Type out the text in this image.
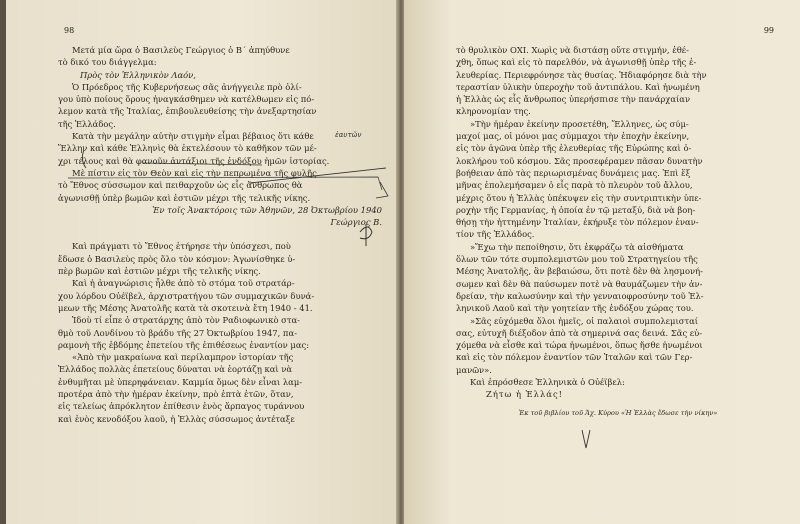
98

Μετά μία ὥρα ὁ Βασιλεὺς Γεώργιος ὁ Β΄ ἀπηύθυνε

τὸ δικό του διάγγελμα:

Πρὸς τὸν Ἑλληνικὸν Λαόν,

Ὁ Πρόεδρος τῆς Κυβερνήσεως σᾶς ἀνήγγειλε πρὸ ὀλί-

γου ὑπὸ ποίους ὅρους ἠναγκάσθημεν νὰ κατέλθωμεν εἰς πό-

λεμον κατὰ τῆς Ἰταλίας, ἐπιβουλευθείσης τὴν ἀνεξαρτησίαν

τῆς Ἑλλάδος.

Κατὰ τὴν μεγάλην αὐτὴν στιγμὴν εἶμαι βέβαιος ὅτι κάθε

Ἕλλην καὶ κάθε Ἑλληνὶς θὰ ἐκτελέσουν τὸ καθῆκον τῶν μέ-

χρι τέλους καὶ θὰ φανοῦν ἀντάξιοι τῆς ἐνδόξου ἡμῶν ἱστορίας.

Μὲ πίστιν εἰς τὸν Θεὸν καὶ εἰς τὴν πεπρωμένα τῆς φυλῆς

τὸ Ἔθνος σύσσωμον καὶ πειθαρχοῦν ὡς εἷς ἄνθρωπος θὰ

ἀγωνισθῇ ὑπὲρ βωμῶν καὶ ἑστιῶν μέχρι τῆς τελικῆς νίκης.

Ἐν τοῖς Ἀνακτόροις τῶν Ἀθηνῶν, 28 Ὀκτωβρίου 1940

Γεώργιος Β.

Καὶ πράγματι τὸ Ἔθνος ἐτήρησε τὴν ὑπόσχεσι, ποὺ

ἔδωσε ὁ Βασιλεὺς πρὸς ὅλο τὸν κόσμον: Ἀγωνίσθηκε ὑ-

πὲρ βωμῶν καὶ ἑστιῶν μέχρι τῆς τελικῆς νίκης.

Καὶ ἡ ἀναγνώρισις ἦλθε ἀπὸ τὸ στόμα τοῦ στρατάρ-

χου λόρδου Οὐέϊβελ, ἀρχιστρατήγου τῶν συμμαχικῶν δυνά-

μεων τῆς Μέσης Ἀνατολῆς κατὰ τὰ σκοτεινὰ ἔτη 1940 - 41.

Ἰδοὺ τί εἶπε ὁ στρατάρχης ἀπὸ τὸν Ραδιοφωνικὸ στα-

θμὸ τοῦ Λονδίνου τὸ βράδυ τῆς 27 Ὀκτωβρίου 1947, πα-

ραμονὴ τῆς ἑβδόμης ἐπετείου τῆς ἐπιθέσεως ἐναντίον μας:

«Ἀπὸ τὴν μακραίωνα καὶ περίλαμπρον ἱστορίαν τῆς

Ἑλλάδος πολλὰς ἐπετείους δύναται νὰ ἑορτάζῃ καὶ νὰ

ἐνθυμῆται μὲ ὑπερηφάνειαν. Καμμία ὅμως δὲν εἶναι λαμ-

προτέρα ἀπὸ τὴν ἡμέραν ἐκείνην, πρὸ ἑπτὰ ἐτῶν, ὅταν,

εἰς τελείως ἀπρόκλητον ἐπίθεσιν ἑνὸς ἅρπαγος τυράννου

καὶ ἑνὸς κενοδόξου λαοῦ, ἡ Ἑλλὰς σύσσωμος ἀντέταξε

ἑαυτῶν
99

τὸ θρυλικὸν ΟΧΙ. Χωρὶς νὰ διστάσῃ οὔτε στιγμήν, ἐθέ-

χθη, ὅπως καὶ εἰς τὸ παρελθόν, νὰ ἀγωνισθῇ ὑπὲρ τῆς ἐ-

λευθερίας. Περιεφρόνησε τὰς θυσίας. Ἠδιαφόρησε διὰ τὴν

τεραστίαν ὑλικὴν ὑπεροχὴν τοῦ ἀντιπάλου. Καὶ ἡνωμένη

ἡ Ἑλλὰς ὡς εἷς ἄνθρωπος ὑπερήσπισε τὴν πανάρχαίαν

κληρονομίαν της.

»Τὴν ἡμέραν ἐκείνην προσετέθη, Ἕλληνες, ὡς σύμ-

μαχοί μας, οἱ μόνοι μας σύμμαχοι τὴν ἐποχὴν ἐκείνην,

εἰς τὸν ἀγῶνα ὑπὲρ τῆς ἐλευθερίας τῆς Εὐρώπης καὶ ὁ-

λοκλήρου τοῦ κόσμου. Σᾶς προσεφέραμεν πᾶσαν δυνατὴν

βοήθειαν ἀπὸ τὰς περιωρισμένας δυνάμεις μας. Ἐπὶ ἕξ

μῆνας ἐπολεμήσαμεν ὁ εἷς παρὰ τὸ πλευρὸν τοῦ ἄλλου,

μέχρις ὅτου ἡ Ἑλλὰς ὑπέκυψεν εἰς τὴν συντριπτικὴν ὑπε-

ροχὴν τῆς Γερμανίας, ἡ ὁποία ἐν τῷ μεταξύ, διὰ νὰ βοη-

θήσῃ τὴν ἡττημένην Ἰταλίαν, ἐκήρυξε τὸν πόλεμον ἐναν-

τίον τῆς Ἑλλάδος.

»Ἔχω τὴν πεποίθησιν, ὅτι ἐκφράζω τὰ αἰσθήματα

ὅλων τῶν τότε συμπολεμιστῶν μου τοῦ Στρατηγείου τῆς

Μέσης Ἀνατολῆς, ἂν βεβαιώσω, ὅτι ποτὲ δὲν θὰ λησμονή-

σωμεν καὶ δὲν θὰ παύσωμεν ποτὲ νὰ θαυμάζωμεν τὴν ἀν-

δρείαν, τὴν καλωσύνην καὶ τὴν γενναιοφροσύνην τοῦ Ἑλ-

ληνικοῦ Λαοῦ καὶ τὴν γοητείαν τῆς ἐνδόξου χώρας του.

»Σᾶς εὐχόμεθα ὅλοι ἡμεῖς, οἱ παλαιοὶ συμπολεμισταί

σας, εὐτυχῆ διέξοδον ἀπὸ τὰ σημερινά σας δεινά. Σᾶς εὐ-

χόμεθα νὰ εἶσθε καὶ τώρα ἡνωμένοι, ὅπως ἤσθε ἡνωμένοι

καὶ εἰς τὸν πόλεμον ἐναντίον τῶν Ἰταλῶν καὶ τῶν Γερ-

μανῶν».

Καὶ ἐπρόσθεσε Ἑλληνικὰ ὁ Οὐέϊβελ:

Ζήτω ἡ Ἑλλάς!

Ἐκ τοῦ βιβλίου τοῦ Ἀχ. Κύρου «Ἡ Ἑλλὰς ἔδωσε τὴν νίκην»
